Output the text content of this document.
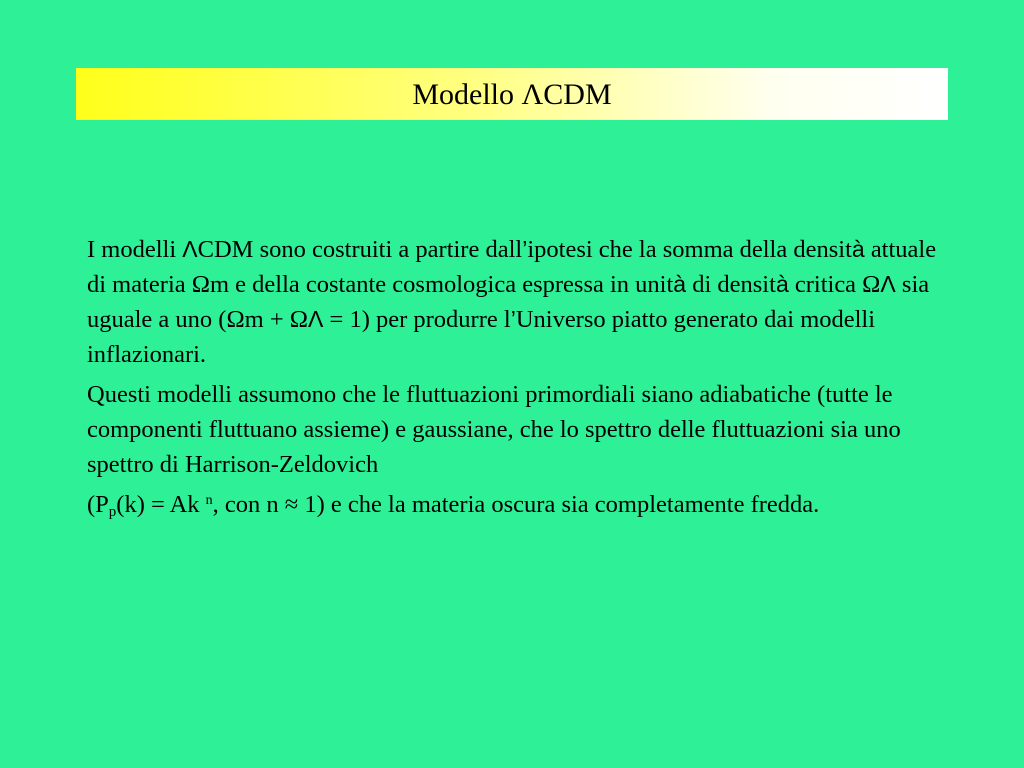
Modello ΛCDM

I modelli ΛCDM sono costruiti a partire dall’ipotesi che la somma della densità attuale di materia Ωm e della costante cosmologica espressa in unità di densità critica ΩΛ sia uguale a uno (Ωm + ΩΛ = 1) per produrre l’Universo piatto generato dai modelli inflazionari.

Questi modelli assumono che le fluttuazioni primordiali siano adiabatiche (tutte le componenti fluttuano assieme) e gaussiane, che lo spettro delle fluttuazioni sia uno spettro di Harrison-Zeldovich

($P_p(k) = Ak$ $^n$, con n ≈ 1) e che la materia oscura sia completamente fredda.
